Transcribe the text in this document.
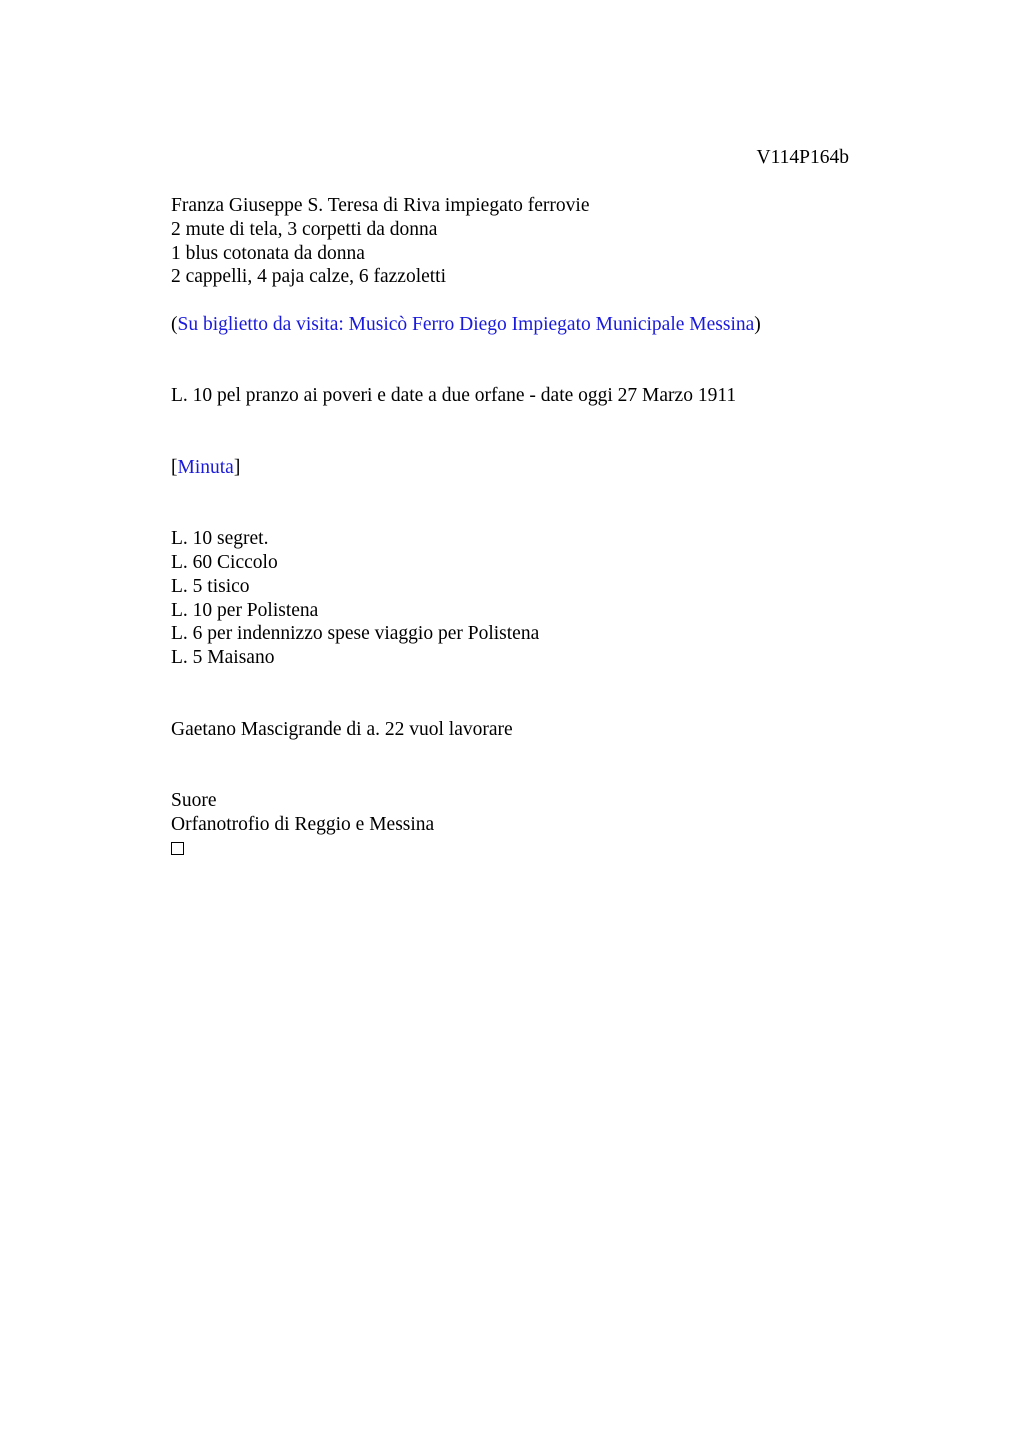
V114P164b
Franza Giuseppe S. Teresa di Riva impiegato ferrovie
2 mute di tela, 3 corpetti da donna
1 blus cotonata da donna
2 cappelli, 4 paja calze, 6 fazzoletti
(Su biglietto da visita: Musicò Ferro Diego Impiegato Municipale Messina)
L. 10 pel pranzo ai poveri e date a due orfane - date oggi 27 Marzo 1911
[Minuta]
L. 10 segret.
L. 60 Ciccolo
L. 5 tisico
L. 10 per Polistena
L. 6 per indennizzo spese viaggio per Polistena
L. 5 Maisano
Gaetano Mascigrande di a. 22 vuol lavorare
Suore
Orfanotrofio di Reggio e Messina
